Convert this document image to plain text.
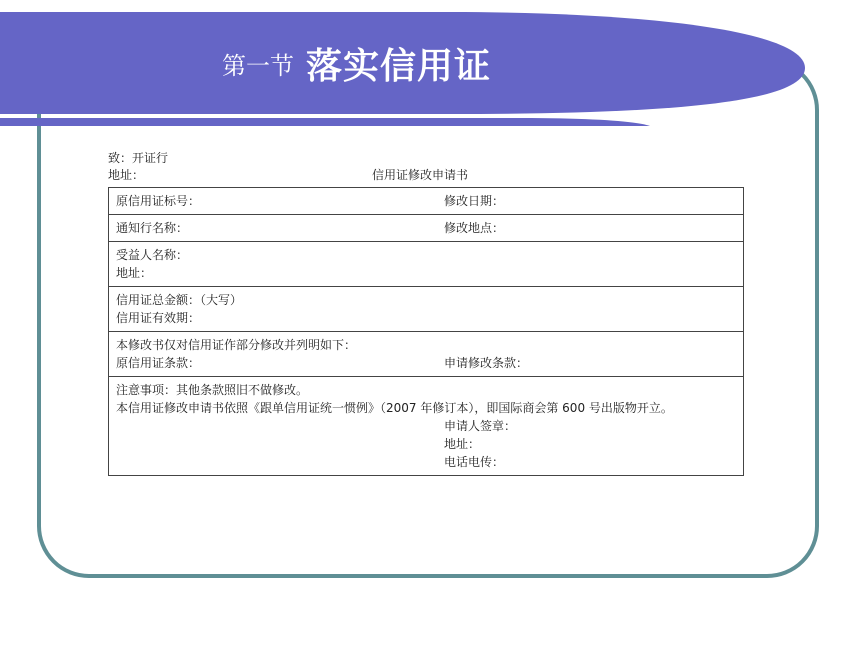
第一节 落实信用证
致：开证行
地址：	信用证修改申请书
原信用证标号：	修改日期：
通知行名称：	修改地点：
受益人名称：
地址：
信用证总金额：（大写）
信用证有效期：
本修改书仅对信用证作部分修改并列明如下：
原信用证条款：	申请修改条款：
注意事项：其他条款照旧不做修改。
本信用证修改申请书依照《跟单信用证统一惯例》（2007 年修订本），即国际商会第 600 号出版物开立。
申请人签章：
地址：
电话电传：
